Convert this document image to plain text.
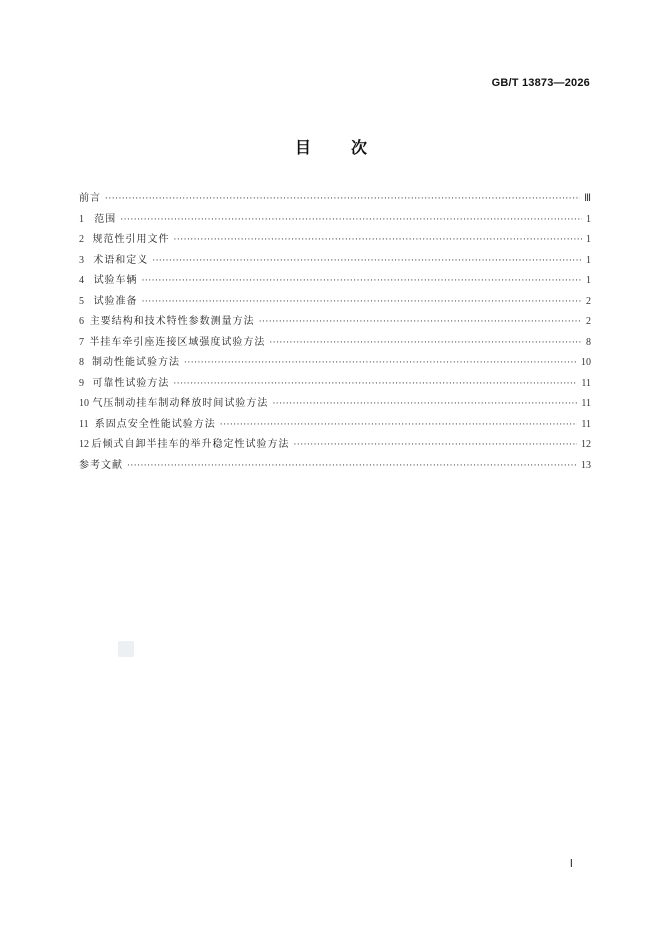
GB/T 13873—2026
目次
前言 ·····	Ⅲ
1	范围 ·····	1
2 规范性引用文件 ·····	1
3 术语和定义 ·····	1
4 试验车辆 ·····	1
5 试验准备 ·····	2
6 主要结构和技术特性参数测量方法 ·····	2
7 半挂车牵引座连接区域强度试验方法 ·····	8
8 制动性能试验方法 ·····	10
9 可靠性试验方法 ·····	11
10 气压制动挂车制动释放时间试验方法 ·····	11
11 系固点安全性能试验方法 ·····	11
12 后倾式自卸半挂车的举升稳定性试验方法 ·····	12
参考文献 ·····	13
Ⅰ
